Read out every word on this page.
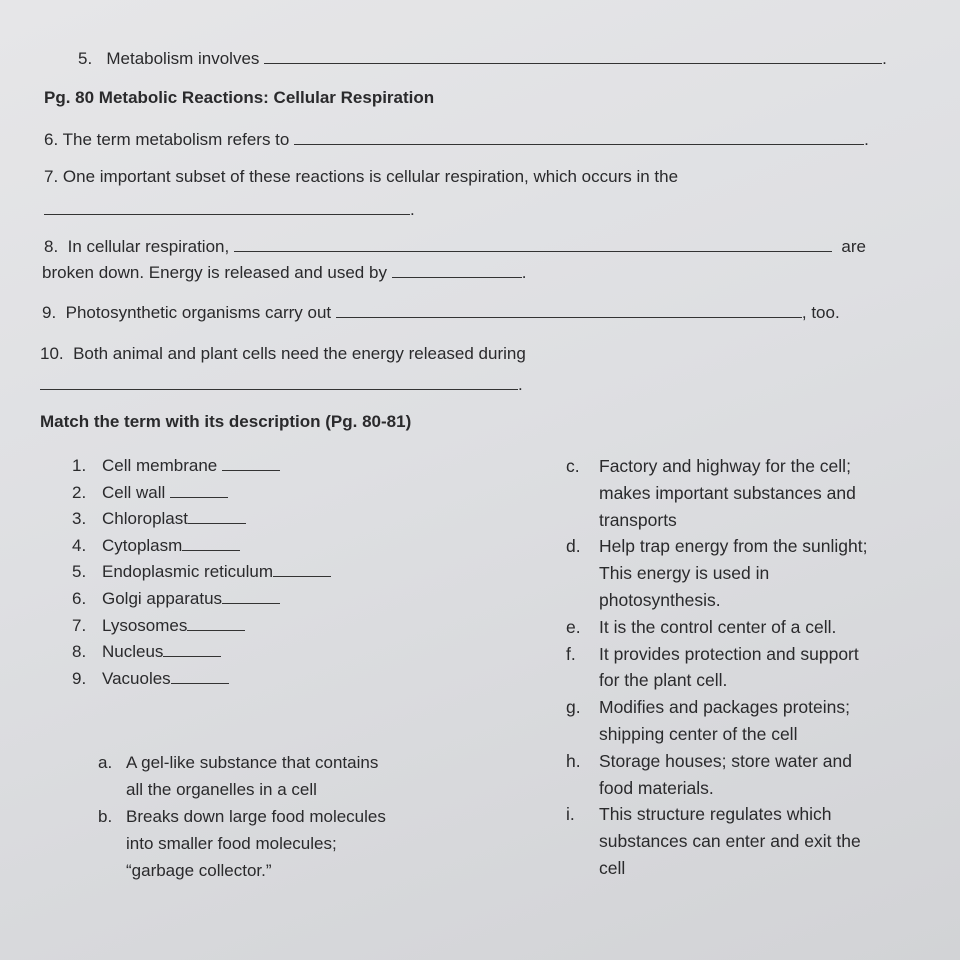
5. Metabolism involves	.
Pg. 80 Metabolic Reactions: Cellular Respiration
6. The term metabolism refers to	.
7. One important subset of these reactions is cellular respiration, which occurs in the
.
8. In cellular respiration,	are
broken down. Energy is released and used by	.
9. Photosynthetic organisms carry out	, too.
10. Both animal and plant cells need the energy released during
.
Match the term with its description (Pg. 80-81)
1. Cell membrane
2. Cell wall
3. Chloroplast
4. Cytoplasm
5. Endoplasmic reticulum
6. Golgi apparatus
7. Lysosomes
8. Nucleus
9. Vacuoles
a. A gel-like substance that contains
all the organelles in a cell
b. Breaks down large food molecules
into smaller food molecules;
“garbage collector.”
c.	Factory and highway for the cell;
makes important substances and
transports
d.	Help trap energy from the sunlight;
This energy is used in
photosynthesis.
e.	It is the control center of a cell.
f.	It provides protection and support
for the plant cell.
g.	Modifies and packages proteins;
shipping center of the cell
h.	Storage houses; store water and
food materials.
i.	This structure regulates which
substances can enter and exit the
cell
